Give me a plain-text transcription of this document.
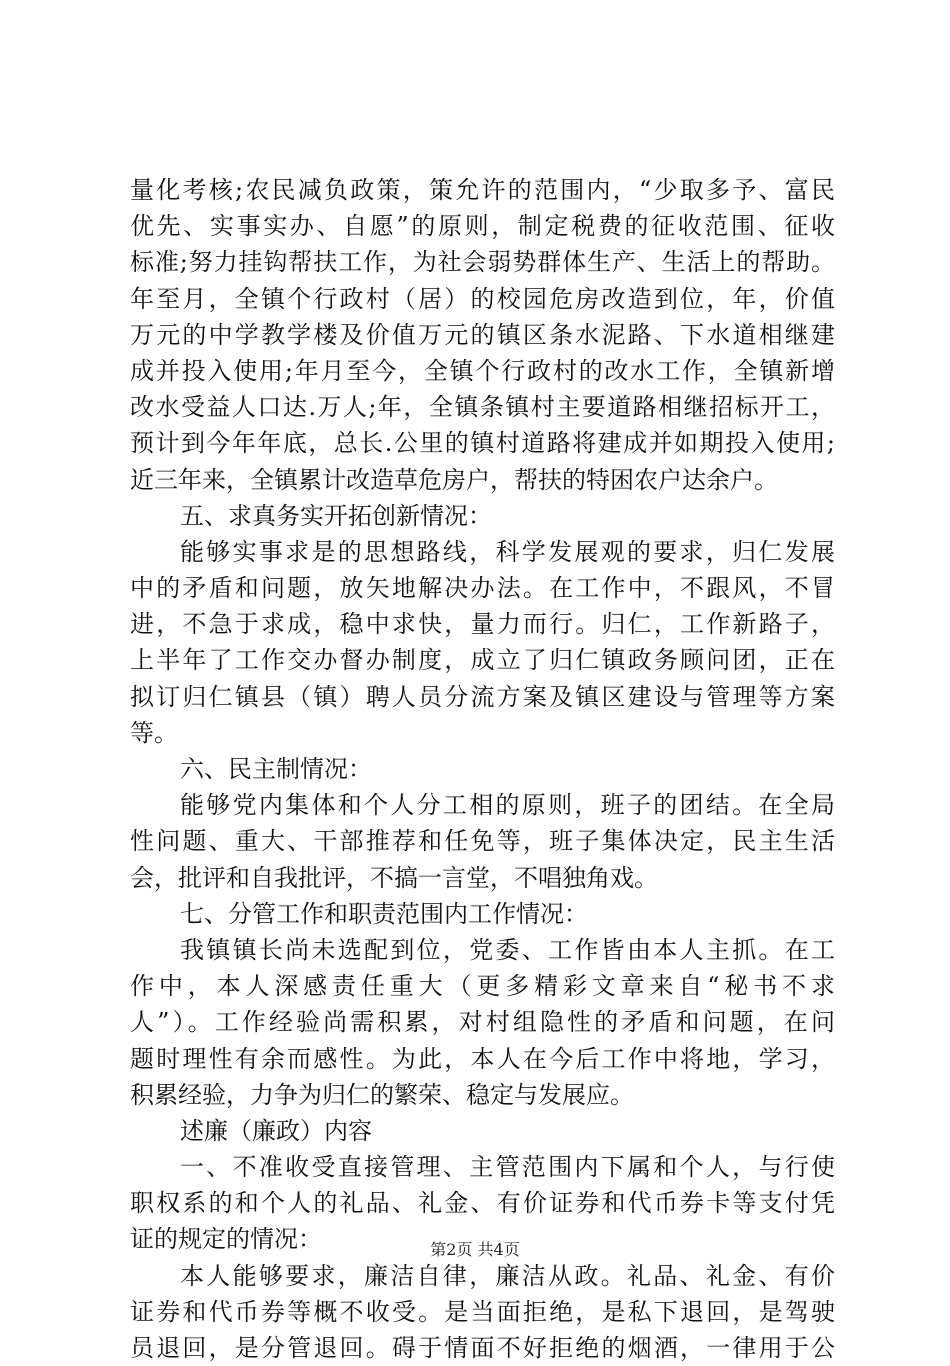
量化考核;农民减负政策，策允许的范围内，“少取多予、富民
优先、实事实办、自愿”的原则，制定税费的征收范围、征收
标准;努力挂钩帮扶工作，为社会弱势群体生产、生活上的帮助。
年至月，全镇个行政村（居）的校园危房改造到位，年，价值
万元的中学教学楼及价值万元的镇区条水泥路、下水道相继建
成并投入使用;年月至今，全镇个行政村的改水工作，全镇新增
改水受益人口达.万人;年，全镇条镇村主要道路相继招标开工，
预计到今年年底，总长.公里的镇村道路将建成并如期投入使用;
近三年来，全镇累计改造草危房户，帮扶的特困农户达余户。
五、求真务实开拓创新情况：
能够实事求是的思想路线，科学发展观的要求，归仁发展
中的矛盾和问题，放矢地解决办法。在工作中，不跟风，不冒
进，不急于求成，稳中求快，量力而行。归仁，工作新路子，
上半年了工作交办督办制度，成立了归仁镇政务顾问团，正在
拟订归仁镇县（镇）聘人员分流方案及镇区建设与管理等方案
等。
六、民主制情况：
能够党内集体和个人分工相的原则，班子的团结。在全局
性问题、重大、干部推荐和任免等，班子集体决定，民主生活
会，批评和自我批评，不搞一言堂，不唱独角戏。
七、分管工作和职责范围内工作情况：
我镇镇长尚未选配到位，党委、工作皆由本人主抓。在工
作中，本人深感责任重大（更多精彩文章来自“秘书不求
人”）。工作经验尚需积累，对村组隐性的矛盾和问题，在问
题时理性有余而感性。为此，本人在今后工作中将地，学习，
积累经验，力争为归仁的繁荣、稳定与发展应。
述廉（廉政）内容
一、不准收受直接管理、主管范围内下属和个人，与行使
职权系的和个人的礼品、礼金、有价证券和代币券卡等支付凭
证的规定的情况：
本人能够要求，廉洁自律，廉洁从政。礼品、礼金、有价
证券和代币券等概不收受。是当面拒绝，是私下退回，是驾驶
员退回，是分管退回。碍于情面不好拒绝的烟酒，一律用于公
第2页 共4页
